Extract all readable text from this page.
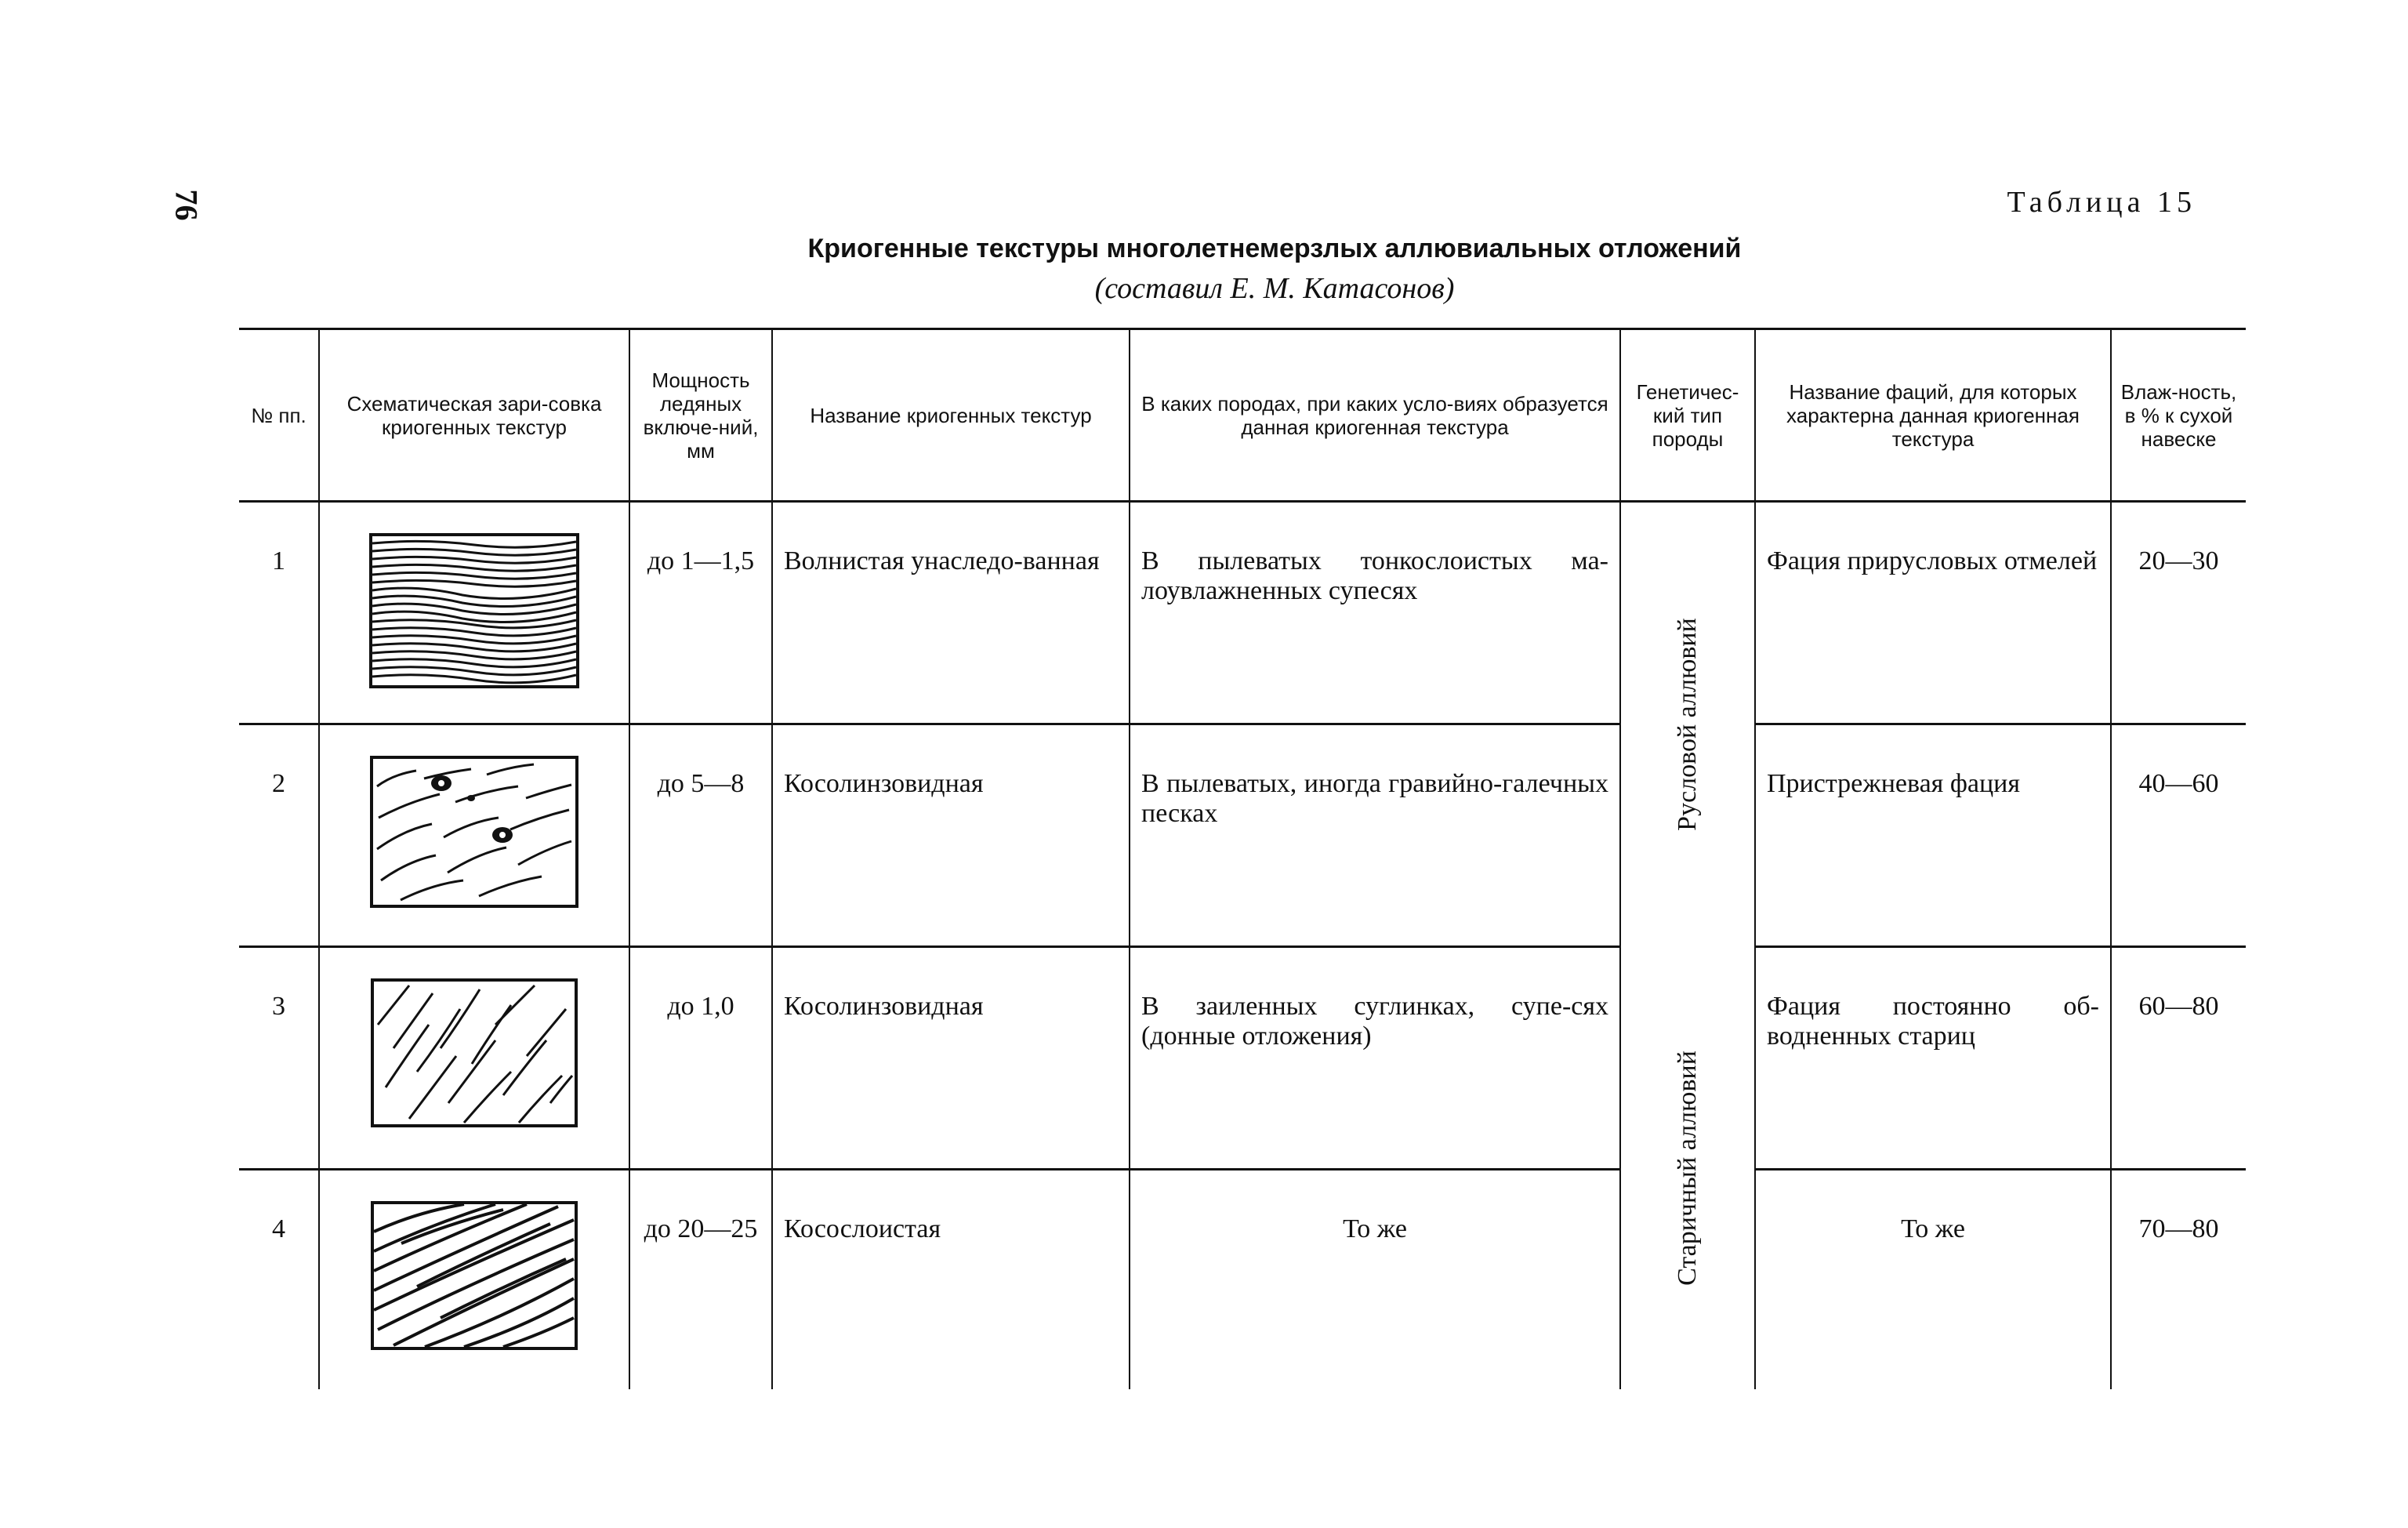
76	Таблица 15
Криогенные текстуры многолетнемерзлых аллювиальных отложений
(составил Е. М. Катасонов)
№ пп.	Схематическая зари-совка криогенных текстур	Мощность ледяных включе-ний, мм	Название криогенных текстур	В каких породах, при каких усло-виях образуется данная криогенная текстура	Генетичес-кий тип породы	Название фаций, для которых характерна данная криогенная текстура	Влаж-ность, в % к сухой навеске
1		до 1—1,5	Волнистая унаследо-ванная	В пылеватых тонкослоистых ма-лоувлажненных супесях	Русловой аллювий	Фация прирусловых отмелей	20—30
2		до 5—8	Косолинзовидная	В пылеватых, иногда гравийно-галечных песках		Пристрежневая фация	40—60
3		до 1,0	Косолинзовидная	В заиленных суглинках, супе-сях (донные отложения)	Старичный аллювий	Фация постоянно об-водненных стариц	60—80
4		до 20—25	Косослоистая	То же		То же	70—80
